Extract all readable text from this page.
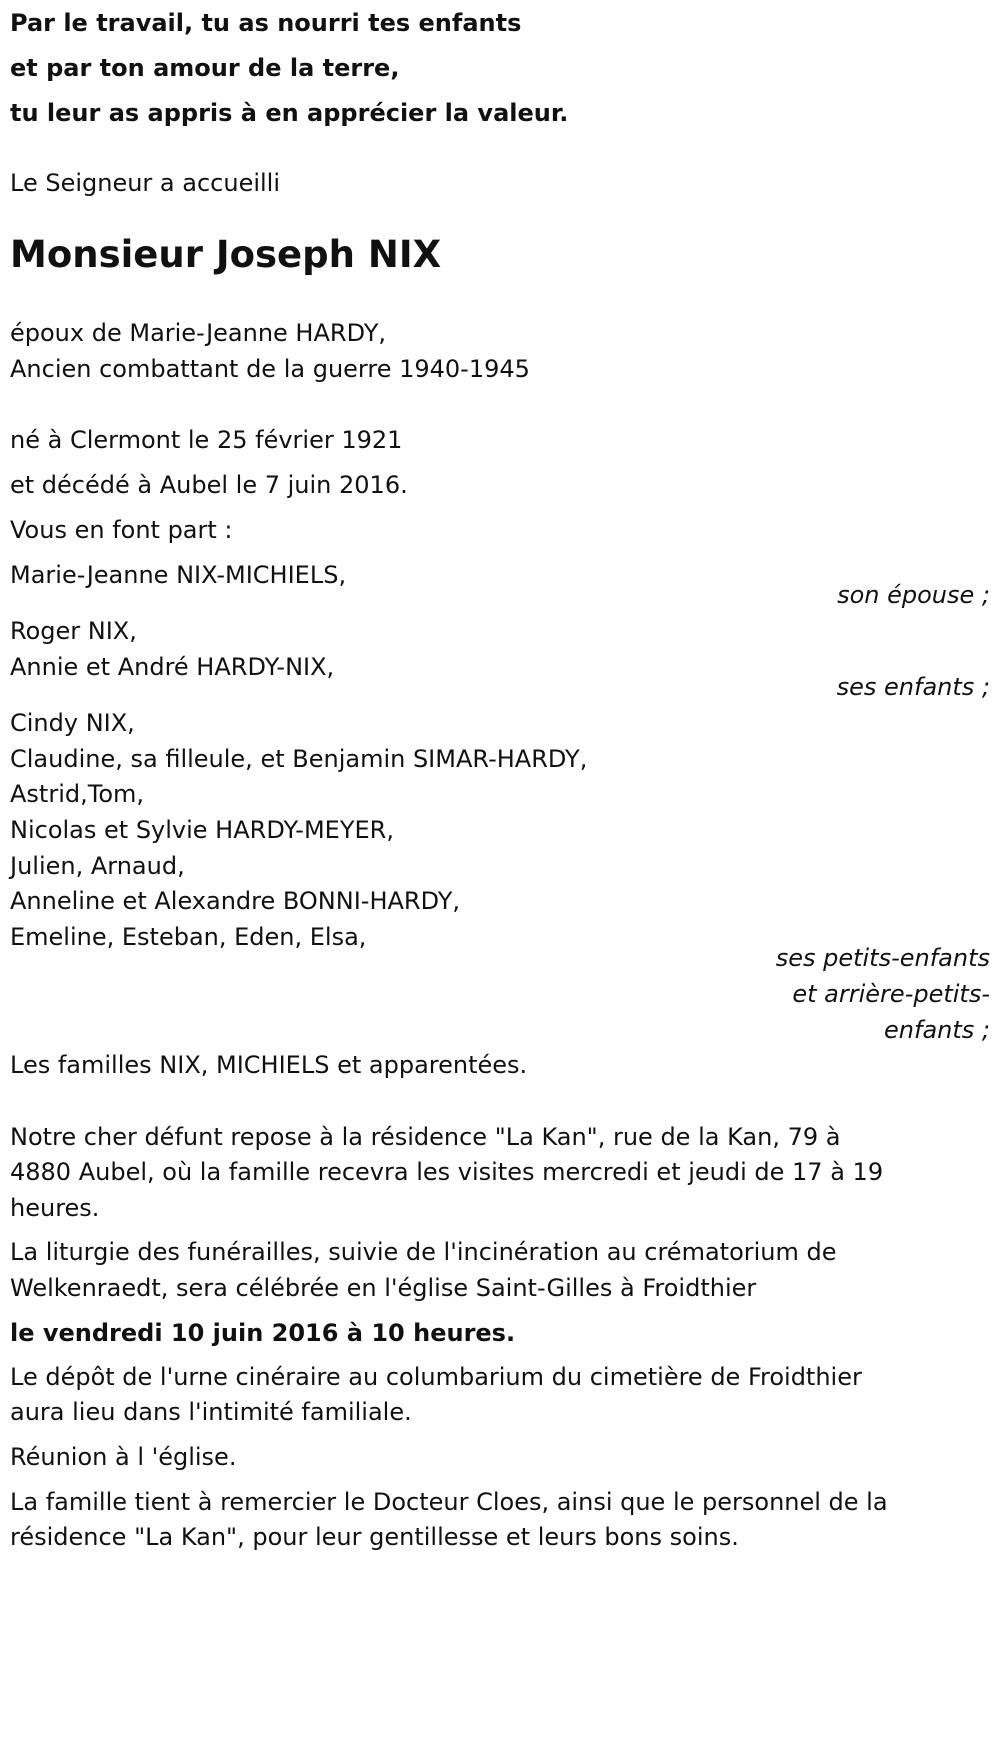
Par le travail, tu as nourri tes enfants
et par ton amour de la terre,
tu leur as appris à en apprécier la valeur.
Le Seigneur a accueilli
Monsieur Joseph NIX
époux de Marie-Jeanne HARDY,
Ancien combattant de la guerre 1940-1945
né à Clermont le 25 février 1921
et décédé à Aubel le 7 juin 2016.
Vous en font part :
Marie-Jeanne NIX-MICHIELS,
son épouse ;
Roger NIX,
Annie et André HARDY-NIX,
ses enfants ;
Cindy NIX,
Claudine, sa filleule, et Benjamin SIMAR-HARDY,
Astrid,Tom,
Nicolas et Sylvie HARDY-MEYER,
Julien, Arnaud,
Anneline et Alexandre BONNI-HARDY,
Emeline, Esteban, Eden, Elsa,
ses petits-enfants
et arrière-petits-
enfants ;
Les familles NIX, MICHIELS et apparentées.
Notre cher défunt repose à la résidence "La Kan", rue de la Kan, 79 à
4880 Aubel, où la famille recevra les visites mercredi et jeudi de 17 à 19
heures.
La liturgie des funérailles, suivie de l'incinération au crématorium de
Welkenraedt, sera célébrée en l'église Saint-Gilles à Froidthier
le vendredi 10 juin 2016 à 10 heures.
Le dépôt de l'urne cinéraire au columbarium du cimetière de Froidthier
aura lieu dans l'intimité familiale.
Réunion à l 'église.
La famille tient à remercier le Docteur Cloes, ainsi que le personnel de la
résidence "La Kan", pour leur gentillesse et leurs bons soins.
